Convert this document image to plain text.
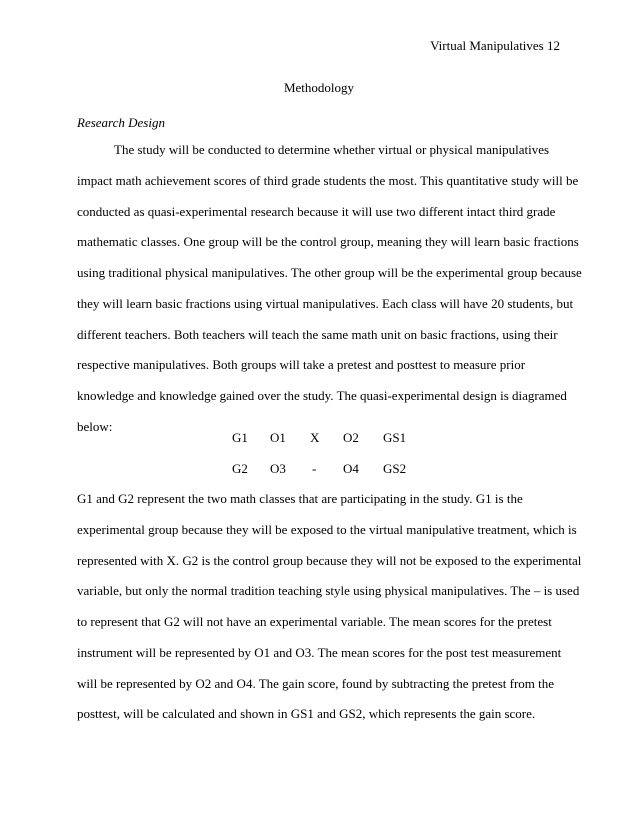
Virtual Manipulatives 12
Methodology
Research Design
The study will be conducted to determine whether virtual or physical manipulatives
impact math achievement scores of third grade students the most. This quantitative study will be
conducted as quasi-experimental research because it will use two different intact third grade
mathematic classes. One group will be the control group, meaning they will learn basic fractions
using traditional physical manipulatives. The other group will be the experimental group because
they will learn basic fractions using virtual manipulatives. Each class will have 20 students, but
different teachers. Both teachers will teach the same math unit on basic fractions, using their
respective manipulatives. Both groups will take a pretest and posttest to measure prior
knowledge and knowledge gained over the study. The quasi-experimental design is diagramed
below:
G1 O1 X O2 GS1
G2 O3 - O4 GS2
G1 and G2 represent the two math classes that are participating in the study. G1 is the
experimental group because they will be exposed to the virtual manipulative treatment, which is
represented with X. G2 is the control group because they will not be exposed to the experimental
variable, but only the normal tradition teaching style using physical manipulatives. The – is used
to represent that G2 will not have an experimental variable. The mean scores for the pretest
instrument will be represented by O1 and O3. The mean scores for the post test measurement
will be represented by O2 and O4. The gain score, found by subtracting the pretest from the
posttest, will be calculated and shown in GS1 and GS2, which represents the gain score.
